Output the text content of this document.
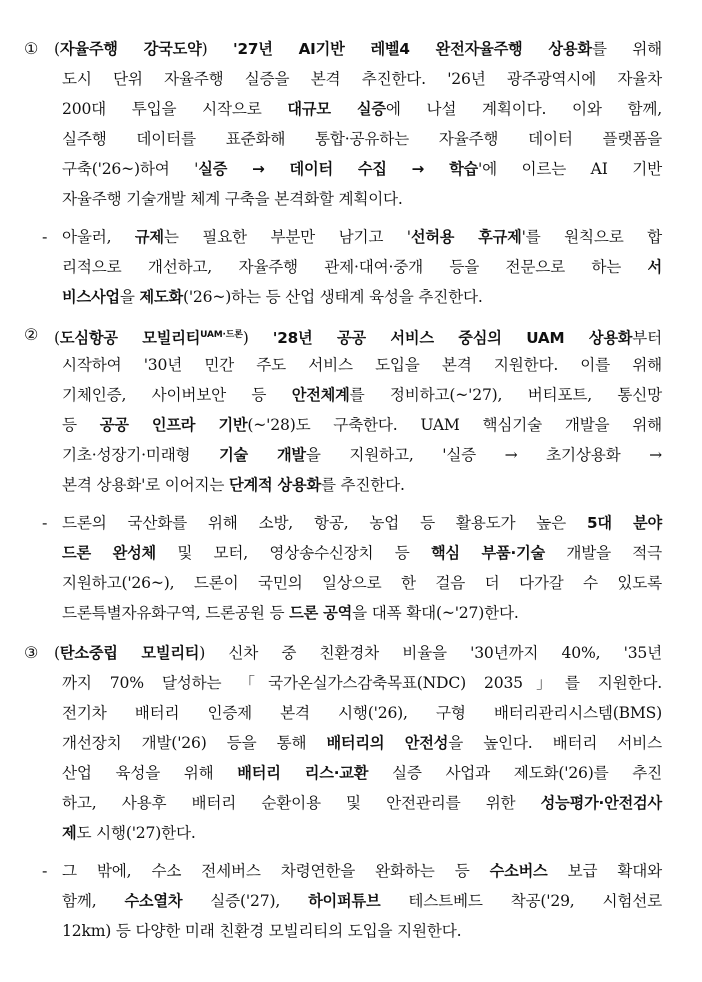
① (자율주행 강국도약) '27년 AI기반 레벨4 완전자율주행 상용화를 위해
도시 단위 자율주행 실증을 본격 추진한다. '26년 광주광역시에 자율차
200대 투입을 시작으로 대규모 실증에 나설 계획이다. 이와 함께,
실주행 데이터를 표준화해 통합·공유하는 자율주행 데이터 플랫폼을
구축('26~)하여 '실증 → 데이터 수집 → 학습'에 이르는 AI 기반
자율주행 기술개발 체계 구축을 본격화할 계획이다.
- 아울러, 규제는 필요한 부분만 남기고 '선허용 후규제'를 원칙으로 합
리적으로 개선하고, 자율주행 관제·대여·중개 등을 전문으로 하는 서
비스사업을 제도화('26~)하는 등 산업 생태계 육성을 추진한다.
② (도심항공 모빌리티$^{UAM\cdot 드론}$) '28년 공공 서비스 중심의 UAM 상용화부터
시작하여 '30년 민간 주도 서비스 도입을 본격 지원한다. 이를 위해
기체인증, 사이버보안 등 안전체계를 정비하고(~'27), 버티포트, 통신망
등 공공 인프라 기반(~'28)도 구축한다. UAM 핵심기술 개발을 위해
기초·성장기·미래형 기술 개발을 지원하고, '실증 → 초기상용화 →
본격 상용화'로 이어지는 단계적 상용화를 추진한다.
- 드론의 국산화를 위해 소방, 항공, 농업 등 활용도가 높은 5대 분야
드론 완성체 및 모터, 영상송수신장치 등 핵심 부품·기술 개발을 적극
지원하고('26~), 드론이 국민의 일상으로 한 걸음 더 다가갈 수 있도록
드론특별자유화구역, 드론공원 등 드론 공역을 대폭 확대(~'27)한다.
③ (탄소중립 모빌리티) 신차 중 친환경차 비율을 '30년까지 40%, '35년
까지 70% 달성하는 「국가온실가스감축목표(NDC) 2035」를 지원한다.
전기차 배터리 인증제 본격 시행('26), 구형 배터리관리시스템(BMS)
개선장치 개발('26) 등을 통해 배터리의 안전성을 높인다. 배터리 서비스
산업 육성을 위해 배터리 리스·교환 실증 사업과 제도화('26)를 추진
하고, 사용후 배터리 순환이용 및 안전관리를 위한 성능평가·안전검사
제도 시행('27)한다.
- 그 밖에, 수소 전세버스 차령연한을 완화하는 등 수소버스 보급 확대와
함께, 수소열차 실증('27), 하이퍼튜브 테스트베드 착공('29, 시험선로
12km) 등 다양한 미래 친환경 모빌리티의 도입을 지원한다.
